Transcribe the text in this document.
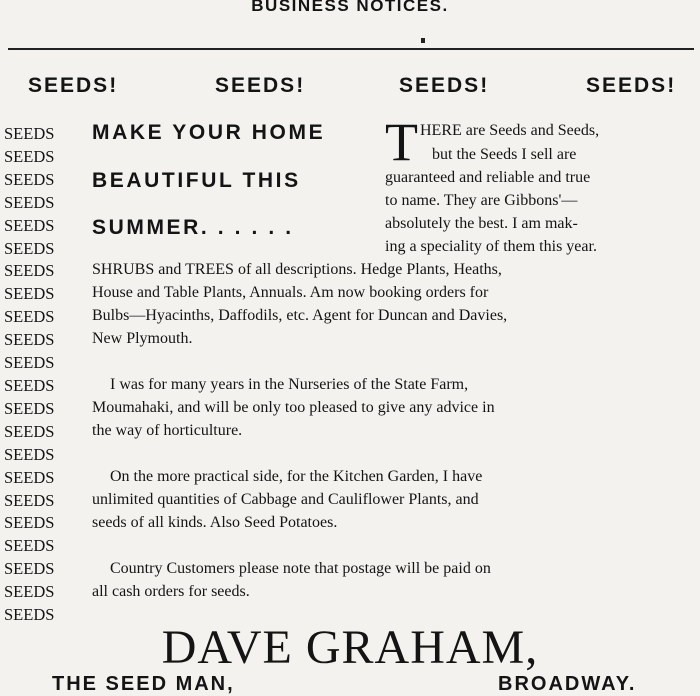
BUSINESS NOTICES.
SEEDS!	SEEDS!	SEEDS!	SEEDS!
SEEDS
SEEDS
SEEDS
SEEDS
SEEDS
SEEDS
SEEDS
SEEDS
SEEDS
SEEDS
SEEDS
SEEDS
SEEDS
SEEDS
SEEDS
SEEDS
SEEDS
SEEDS
SEEDS
SEEDS
SEEDS
SEEDS
MAKE YOUR HOME
BEAUTIFUL THIS
SUMMER. . . . . .
T HERE are Seeds and Seeds,
but the Seeds I sell are
guaranteed and reliable and true
to name. They are Gibbons'—
absolutely the best. I am mak-
ing a speciality of them this year.
SHRUBS and TREES of all descriptions. Hedge Plants, Heaths,
House and Table Plants, Annuals. Am now booking orders for
Bulbs—Hyacinths, Daffodils, etc. Agent for Duncan and Davies,
New Plymouth.
I was for many years in the Nurseries of the State Farm,
Moumahaki, and will be only too pleased to give any advice in
the way of horticulture.
On the more practical side, for the Kitchen Garden, I have
unlimited quantities of Cabbage and Cauliflower Plants, and
seeds of all kinds. Also Seed Potatoes.
Country Customers please note that postage will be paid on
all cash orders for seeds.
DAVE GRAHAM,
THE SEED MAN,	BROADWAY.
